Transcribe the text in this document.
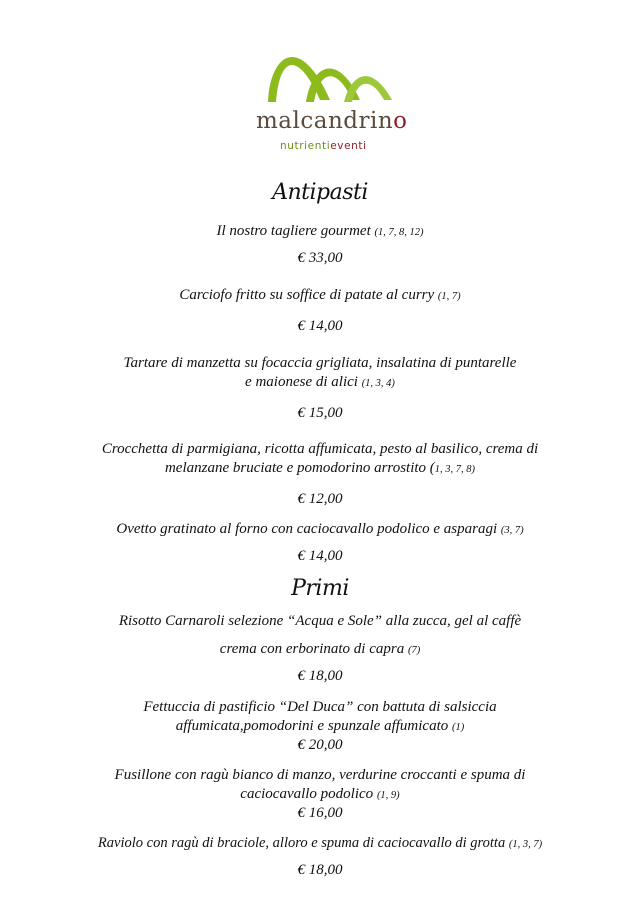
malcandrino
nutrientieventi
Antipasti
Il nostro tagliere gourmet (1, 7, 8, 12)
€ 33,00
Carciofo fritto su soffice di patate al curry (1, 7)
€ 14,00
Tartare di manzetta su focaccia grigliata, insalatina di puntarelle
e maionese di alici (1, 3, 4)
€ 15,00
Crocchetta di parmigiana, ricotta affumicata, pesto al basilico, crema di
melanzane bruciate e pomodorino arrostito (1, 3, 7, 8)
€ 12,00
Ovetto gratinato al forno con caciocavallo podolico e asparagi (3, 7)
€ 14,00
Primi
Risotto Carnaroli selezione “Acqua e Sole” alla zucca, gel al caffè
crema con erborinato di capra (7)
€ 18,00
Fettuccia di pastificio “Del Duca” con battuta di salsiccia
affumicata,pomodorini e spunzale affumicato (1)
€ 20,00
Fusillone con ragù bianco di manzo, verdurine croccanti e spuma di
caciocavallo podolico (1, 9)
€ 16,00
Raviolo con ragù di braciole, alloro e spuma di caciocavallo di grotta (1, 3, 7)
€ 18,00
